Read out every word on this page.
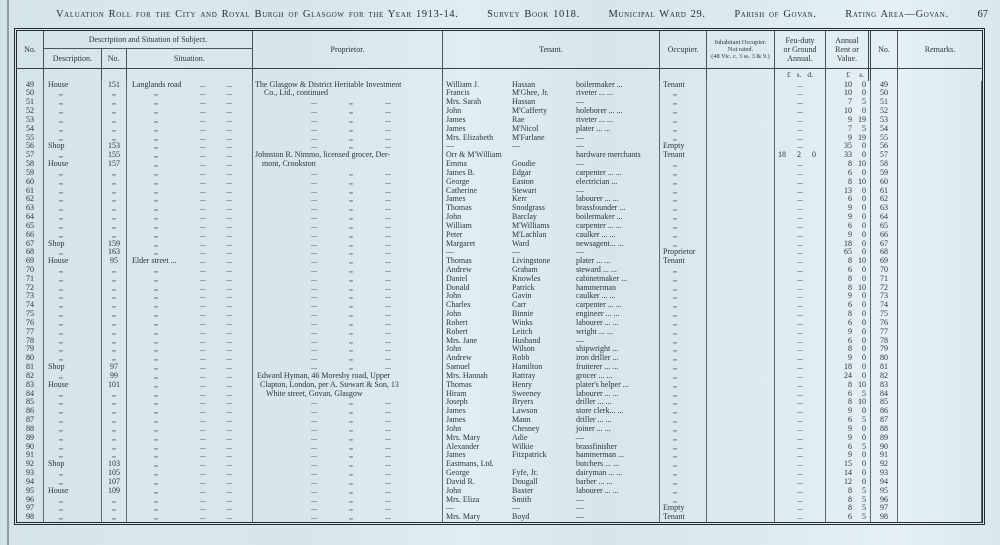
Valuation Roll for the City and Royal Burgh of Glasgow for the Year 1913-14.	Survey Book 1018.	Municipal Ward 29.	Parish of Govan.	Rating Area—Govan.	67
No.
Description and Situation of Subject.
Description.	No.	Situation.
Proprietor.	Tenant.	Occupier.
Inhabitant Occupier.
Not rated.
(48 Vic. c. 3 ss. 3 & 9.)
Feu-duty
or Ground
Annual.
Annual
Rent or
Value.
No.	Remarks.
£ s. d.	£	s.
49	House	151	Langlands road	...	...	The Glasgow & District Heritable Investment	William J.	Hassan	boilermaker ...	Tenant	...	10	0	49
50	,,	,,	,,	...	...	Co., Ltd., continued	Francis	M'Ghee, Jr.	riveter ... ...	,,	...	10	0	50
51	,,	,,	,,	...	...	... ,, ...	Mrs. Sarah	Hassan	—	,,	...	7	5	51
52	,,	,,	,,	...	...	... ,, ...	John	M'Cafferty	holeborer ... ...	,,	...	10	0	52
53	,,	,,	,,	...	...	... ,, ...	James	Rae	riveter ... ...	,,	...	9 19	53
54	,,	,,	,,	...	...	... ,, ...	James	M'Nicol	plater ... ...	,,	...	7	5	54
55	,,	,,	,,	...	...	... ,, ...	Mrs. Elizabeth	M'Farlane	—	,,	...	9 19	55
56	Shop	153	,,	...	...	... ,, ...	—	—	—	Empty	...	35	0	56
57	,,	155	,,	...	...	Johnston R. Nimmo, licensed grocer, Der-	Orr & M'William	hardware merchants	Tenant	18 2 0	33	0	57
58	House	157	,,	...	...	mont, Crookston	Emma	Goudie	—	,,	...	8 10	58
59	,,	,,	,,	...	...	... ,, ...	James B.	Edgar	carpenter ... ...	,,	...	6	0	59
60	,,	,,	,,	...	...	... ,, ...	George	Easton	electrician ...	,,	...	8 10	60
61	,,	,,	,,	...	...	... ,, ...	Catherine	Stewart	—	,,	...	13	0	61
62	,,	,,	,,	...	...	... ,, ...	James	Kerr	labourer ... ...	,,	...	6	0	62
63	,,	,,	,,	...	...	... ,, ...	Thomas	Snodgrass	brassfounder ...	,,	...	9	0	63
64	,,	,,	,,	...	...	... ,, ...	John	Barclay	boilermaker ...	,,	...	9	0	64
65	,,	,,	,,	...	...	... ,, ...	William	M'Williams	carpenter ... ...	,,	...	6	0	65
66	,,	,,	,,	...	...	... ,, ...	Peter	M'Lachlan	caulker ... ...	,,	...	9	0	66
67	Shop	159	,,	...	...	... ,, ...	Margaret	Ward	newsagent... ...	,,	...	18	0	67
68	,,	163	,,	...	...	... ,, ...	—	—	—	Proprietor	...	65	0	68
69	House	95	Elder street ...	...	...	... ,, ...	Thomas	Livingstone	plater ... ...	Tenant	...	8 10	69
70	,,	,,	,,	...	...	... ,, ...	Andrew	Graham	steward ... ...	,,	...	6	0	70
71	,,	,,	,,	...	...	... ,, ...	Daniel	Knowles	cabinetmaker ...	,,	...	8	0	71
72	,,	,,	,,	...	...	... ,, ...	Donald	Patrick	hammerman	,,	...	8 10	72
73	,,	,,	,,	...	...	... ,, ...	John	Gavin	caulker ... ...	,,	...	9	0	73
74	,,	,,	,,	...	...	... ,, ...	Charles	Carr	carpenter ... ...	,,	...	6	0	74
75	,,	,,	,,	...	...	... ,, ...	John	Binnie	engineer ... ...	,,	...	8	0	75
76	,,	,,	,,	...	...	... ,, ...	Robert	Winks	labourer ... ...	,,	...	6	0	76
77	,,	,,	,,	...	...	... ,, ...	Robert	Leitch	wright ... ...	,,	...	9	0	77
78	,,	,,	,,	...	...	... ,, ...	Mrs. Jane	Husband	—	,,	...	6	0	78
79	,,	,,	,,	...	...	... ,, ...	John	Wilson	shipwright ...	,,	...	8	0	79
80	,,	,,	,,	...	...	... ,, ...	Andrew	Robb	iron driller ...	,,	...	9	0	80
81	Shop	97	,,	...	...	... ,, ...	Samuel	Hamilton	fruiterer ... ...	,,	...	18	0	81
82	,,	99	,,	...	...	Edward Hyman, 46 Moresby road, Upper	Mrs. Hannah	Rattray	grocer ... ...	,,	...	24	0	82
83	House	101	,,	...	...	Clapton, London, per A. Stewart & Son, 13	Thomas	Henry	plater's helper ...	,,	...	8 10	83
84	,,	,,	,,	...	...	White street, Govan, Glasgow	Hiram	Sweeney	labourer ... ...	,,	...	6	5	84
85	,,	,,	,,	...	...	... ,, ...	Joseph	Bryers	driller ... ...	,,	...	8 10	85
86	,,	,,	,,	...	...	... ,, ...	James	Lawson	store clerk... ...	,,	...	9	0	86
87	,,	,,	,,	...	...	... ,, ...	James	Mann	driller ... ...	,,	...	6	5	87
88	,,	,,	,,	...	...	... ,, ...	John	Chesney	joiner ... ...	,,	...	9	0	88
89	,,	,,	,,	...	...	... ,, ...	Mrs. Mary	Adie	—	,,	...	9	0	89
90	,,	,,	,,	...	...	... ,, ...	Alexander	Wilkie	brassfinisher	,,	...	6	5	90
91	,,	,,	,,	...	...	... ,, ...	James	Fitzpatrick	hammerman ...	,,	...	9	0	91
92	Shop	103	,,	...	...	... ,, ...	Eastmans, Ltd.	butchers ... ...	,,	...	15	0	92
93	,,	105	,,	...	...	... ,, ...	George	Fyfe, Jr.	dairyman ... ...	,,	...	14	0	93
94	,,	107	,,	...	...	... ,, ...	David R.	Dougall	barber ... ...	,,	...	12	0	94
95	House	109	,,	...	...	... ,, ...	John	Baxter	labourer ... ...	,,	...	8	5	95
96	,,	,,	,,	...	...	... ,, ...	Mrs. Eliza	Smith	—	,,	...	8	5	96
97	,,	,,	,,	...	...	... ,, ...	—	—	—	Empty	...	8	5	97
98	,,	,,	,,	...	...	... ,, ...	Mrs. Mary	Boyd	—	Tenant	...	6	5	98
